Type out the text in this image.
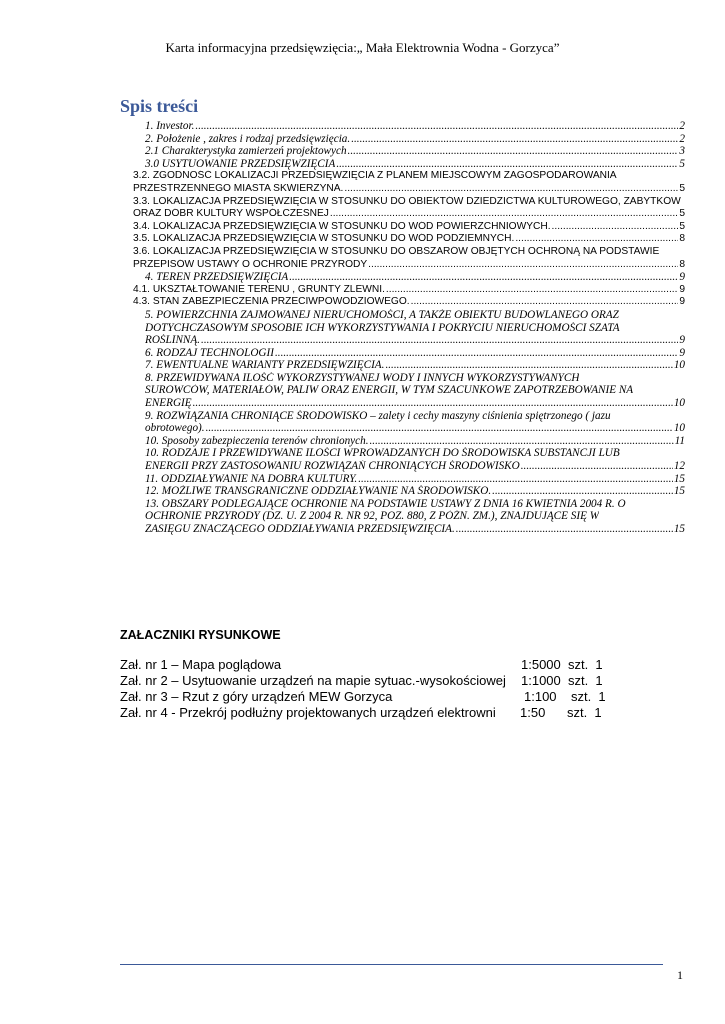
Karta informacyjna przedsięwzięcia:„ Mała Elektrownia Wodna - Gorzyca”
Spis treści
1. Investor. .....	2
2. Położenie , zakres i rodzaj przedsięwzięcia. .....	2
2.1 Charakterystyka zamierzeń projektowych .....	3
3.0 USYTUOWANIE PRZEDSIĘWZIĘCIA .....	5
3.2. ZGODNOŚĆ LOKALIZACJI PRZEDSIĘWZIĘCIA Z PLANEM MIEJSCOWYM ZAGOSPODAROWANIA
PRZESTRZENNEGO MIASTA SKWIERZYNA. .....	5
3.3. LOKALIZACJA PRZEDSIĘWZIĘCIA W STOSUNKU DO OBIEKTÓW DZIEDZICTWA KULTUROWEGO, ZABYTKÓW
ORAZ DÓBR KULTURY WSPÓŁCZESNEJ .....	5
3.4. LOKALIZACJA PRZEDSIĘWZIĘCIA W STOSUNKU DO WÓD POWIERZCHNIOWYCH. .....	5
3.5. LOKALIZACJA PRZEDSIĘWZIĘCIA W STOSUNKU DO WÓD PODZIEMNYCH. .....	8
3.6. LOKALIZACJA PRZEDSIĘWZIĘCIA W STOSUNKU DO OBSZARÓW OBJĘTYCH OCHRONĄ NA PODSTAWIE
PRZEPISÓW USTAWY O OCHRONIE PRZYRODY .....	8
4. TEREN PRZEDSIĘWZIĘCIA .....	9
4.1. UKSZTAŁTOWANIE TERENU , GRUNTY ZLEWNI. .....	9
4.3. STAN ZABEZPIECZENIA PRZECIWPOWODZIOWEGO. .....	9
5. POWIERZCHNIA ZAJMOWANEJ NIERUCHOMOŚCI, A TAKŻE OBIEKTU BUDOWLANEGO ORAZ
DOTYCHCZASOWYM SPOSOBIE ICH WYKORZYSTYWANIA I POKRYCIU NIERUCHOMOŚCI SZATA
ROŚLINNĄ. .....	9
6. RODZAJ TECHNOLOGII .....	9
7. EWENTUALNE WARIANTY PRZEDSIĘWZIĘCIA. .....	10
8. PRZEWIDYWANA ILOŚĆ WYKORZYSTYWANEJ WODY I INNYCH WYKORZYSTYWANYCH
SUROWCÓW, MATERIAŁÓW, PALIW ORAZ ENERGII, W TYM SZACUNKOWE ZAPOTRZEBOWANIE NA
ENERGIĘ .....	10
9. ROZWIĄZANIA CHRONIĄCE ŚRODOWISKO – zalety i cechy maszyny ciśnienia spiętrzonego ( jazu
obrotowego). .....	10
10. Sposoby zabezpieczenia terenów chronionych. .....	11
10. RODZAJE I PRZEWIDYWANE ILOŚCI WPROWADZANYCH DO ŚRODOWISKA SUBSTANCJI LUB
ENERGII PRZY ZASTOSOWANIU ROZWIĄZAŃ CHRONIĄCYCH ŚRODOWISKO .....	12
11. ODDZIAŁYWANIE NA DOBRA KULTURY. .....	15
12. MOŻLIWE TRANSGRANICZNE ODDZIAŁYWANIE NA ŚRODOWISKO. .....	15
13. OBSZARY PODLEGAJĄCE OCHRONIE NA PODSTAWIE USTAWY Z DNIA 16 KWIETNIA 2004 R. O
OCHRONIE PRZYRODY (DZ. U. Z 2004 R. NR 92, POZ. 880, Z PÓŹN. ZM.), ZNAJDUJĄCE SIĘ W
ZASIĘGU ZNACZĄCEGO ODDZIAŁYWANIA PRZEDSIĘWZIĘCIA. .....	15
ZAŁACZNIKI RYSUNKOWE
Zał. nr 1 – Mapa poglądowa	1:5000  szt.  1
Zał. nr 2 – Usytuowanie urządzeń na mapie sytuac.-wysokościowej 1:1000  szt.  1
Zał. nr 3 – Rzut z góry urządzeń MEW Gorzyca	1:100    szt.  1
Zał. nr 4 - Przekrój podłużny projektowanych urządzeń elektrowni 1:50      szt.  1
1
